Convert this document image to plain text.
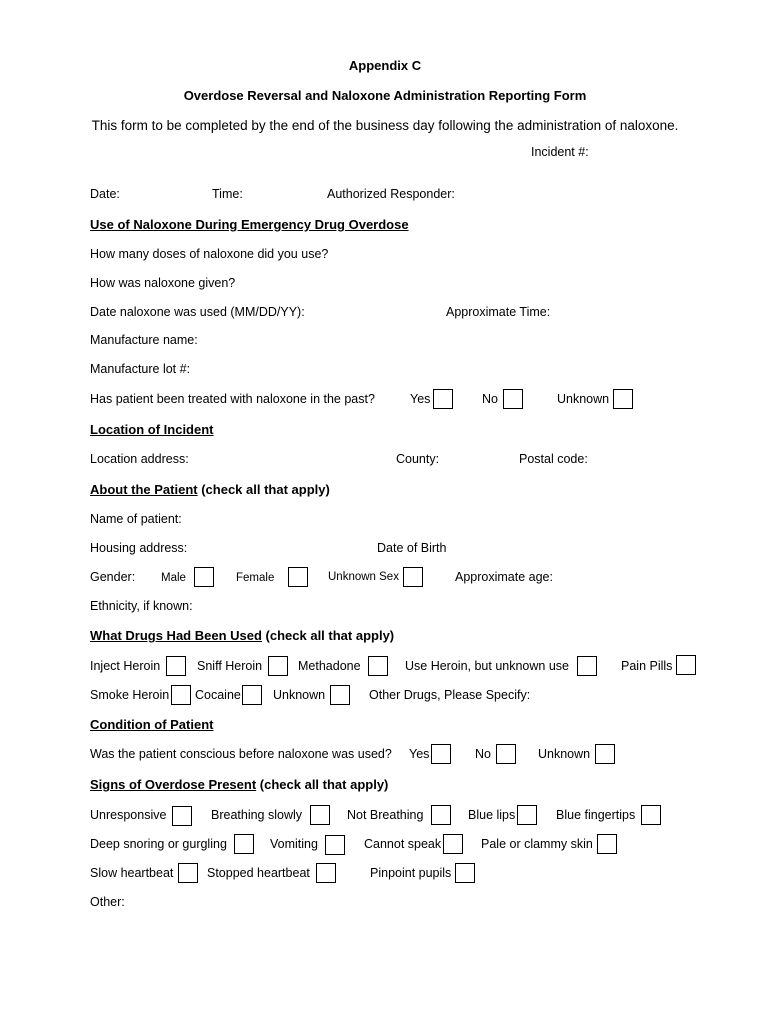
Appendix C
Overdose Reversal and Naloxone Administration Reporting Form
This form to be completed by the end of the business day following the administration of naloxone.
Incident #:
Date:	Time:	Authorized Responder:
Use of Naloxone During Emergency Drug Overdose
How many doses of naloxone did you use?
How was naloxone given?
Date naloxone was used (MM/DD/YY):	Approximate Time:
Manufacture name:
Manufacture lot #:
Has patient been treated with naloxone in the past?	Yes	No	Unknown
Location of Incident
Location address:	County:	Postal code:
About the Patient (check all that apply)
Name of patient:
Housing address:	Date of Birth
Gender: Male	Female	Unknown Sex	Approximate age:
Ethnicity, if known:
What Drugs Had Been Used (check all that apply)
Inject Heroin	Sniff Heroin	Methadone	Use Heroin, but unknown use	Pain Pills
Smoke Heroin Cocaine	Unknown	Other Drugs, Please Specify:
Condition of Patient
Was the patient conscious before naloxone was used? Yes	No	Unknown
Signs of Overdose Present (check all that apply)
Unresponsive	Breathing slowly	Not Breathing	Blue lips	Blue fingertips
Deep snoring or gurgling	Vomiting	Cannot speak	Pale or clammy skin
Slow heartbeat	Stopped heartbeat	Pinpoint pupils
Other:
